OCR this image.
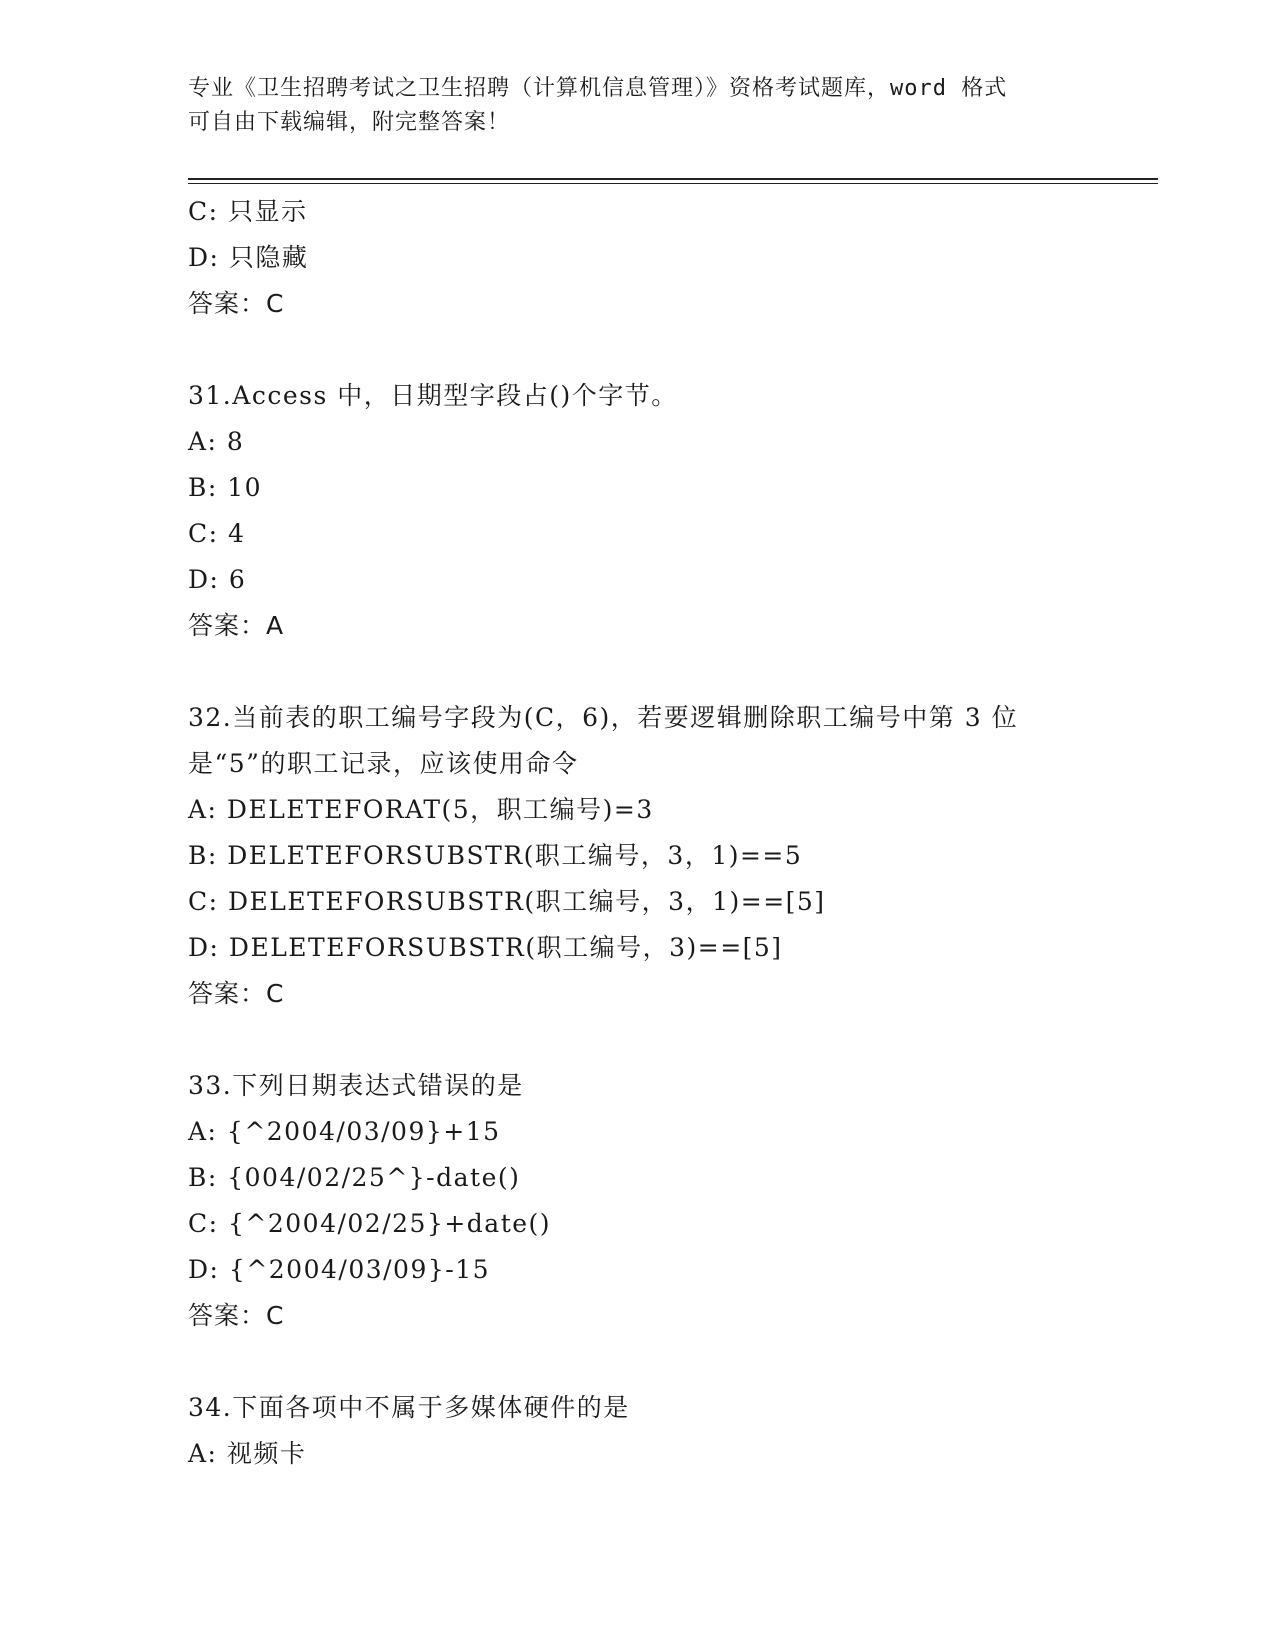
专业《卫生招聘考试之卫生招聘（计算机信息管理）》资格考试题库，word 格式
可自由下载编辑，附完整答案！
C: 只显示
D: 只隐藏
答案：C
31.Access 中，日期型字段占()个字节。
A: 8
B: 10
C: 4
D: 6
答案：A
32.当前表的职工编号字段为(C，6)，若要逻辑删除职工编号中第 3 位
是“5”的职工记录，应该使用命令
A: DELETEFORAT(5，职工编号)=3
B: DELETEFORSUBSTR(职工编号，3，1)==5
C: DELETEFORSUBSTR(职工编号，3，1)==[5]
D: DELETEFORSUBSTR(职工编号，3)==[5]
答案：C
33.下列日期表达式错误的是
A: {^2004/03/09}+15
B: {004/02/25^}-date()
C: {^2004/02/25}+date()
D: {^2004/03/09}-15
答案：C
34.下面各项中不属于多媒体硬件的是
A: 视频卡
